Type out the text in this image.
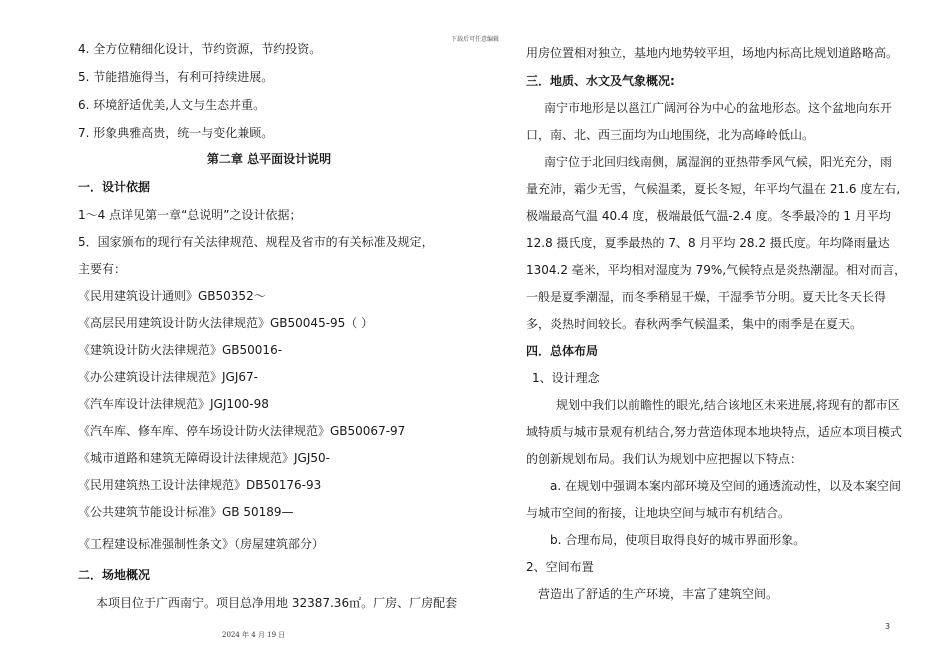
下载后可任意编辑
4. 全方位精细化设计，节约资源，节约投资。
5. 节能措施得当，有利可持续进展。
6. 环境舒适优美,人文与生态并重。
7. 形象典雅高贵，统一与变化兼顾。
第二章 总平面设计说明
一．设计依据
1～4 点详见第一章“总说明”之设计依据；
5．国家颁布的现行有关法律规范、规程及省市的有关标准及规定，
主要有：
《民用建筑设计通则》GB50352～
《高层民用建筑设计防火法律规范》GB50045-95（ ）
《建筑设计防火法律规范》GB50016-
《办公建筑设计法律规范》JGJ67-
《汽车库设计法律规范》JGJ100-98
《汽车库、修车库、停车场设计防火法律规范》GB50067-97
《城市道路和建筑无障碍设计法律规范》JGJ50-
《民用建筑热工设计法律规范》DB50176-93
《公共建筑节能设计标准》GB 50189—
《工程建设标准强制性条文》（房屋建筑部分）
二．场地概况
本项目位于广西南宁。项目总净用地 32387.36㎡。厂房、厂房配套
用房位置相对独立，基地内地势较平坦，场地内标高比规划道路略高。
三．地质、水文及气象概况:
南宁市地形是以邕江广阔河谷为中心的盆地形态。这个盆地向东开
口，南、北、西三面均为山地围绕，北为高峰岭低山。
南宁位于北回归线南侧，属湿润的亚热带季风气候，阳光充分，雨
量充沛，霜少无雪，气候温柔，夏长冬短，年平均气温在 21.6 度左右,
极端最高气温 40.4 度，极端最低气温-2.4 度。冬季最冷的 1 月平均
12.8 摄氏度，夏季最热的 7、8 月平均 28.2 摄氏度。年均降雨量达
1304.2 毫米，平均相对湿度为 79%,气候特点是炎热潮湿。相对而言，
一般是夏季潮湿，而冬季稍显干燥，干湿季节分明。夏天比冬天长得
多，炎热时间较长。春秋两季气候温柔，集中的雨季是在夏天。
四．总体布局
1、设计理念
规划中我们以前瞻性的眼光,结合该地区未来进展,将现有的都市区
域特质与城市景观有机结合,努力营造体现本地块特点，适应本项目模式
的创新规划布局。我们认为规划中应把握以下特点：
a. 在规划中强调本案内部环境及空间的通透流动性，以及本案空间
与城市空间的衔接，让地块空间与城市有机结合。
b. 合理布局，使项目取得良好的城市界面形象。
2、空间布置
营造出了舒适的生产环境，丰富了建筑空间。
2024 年 4 月 19 日
3
